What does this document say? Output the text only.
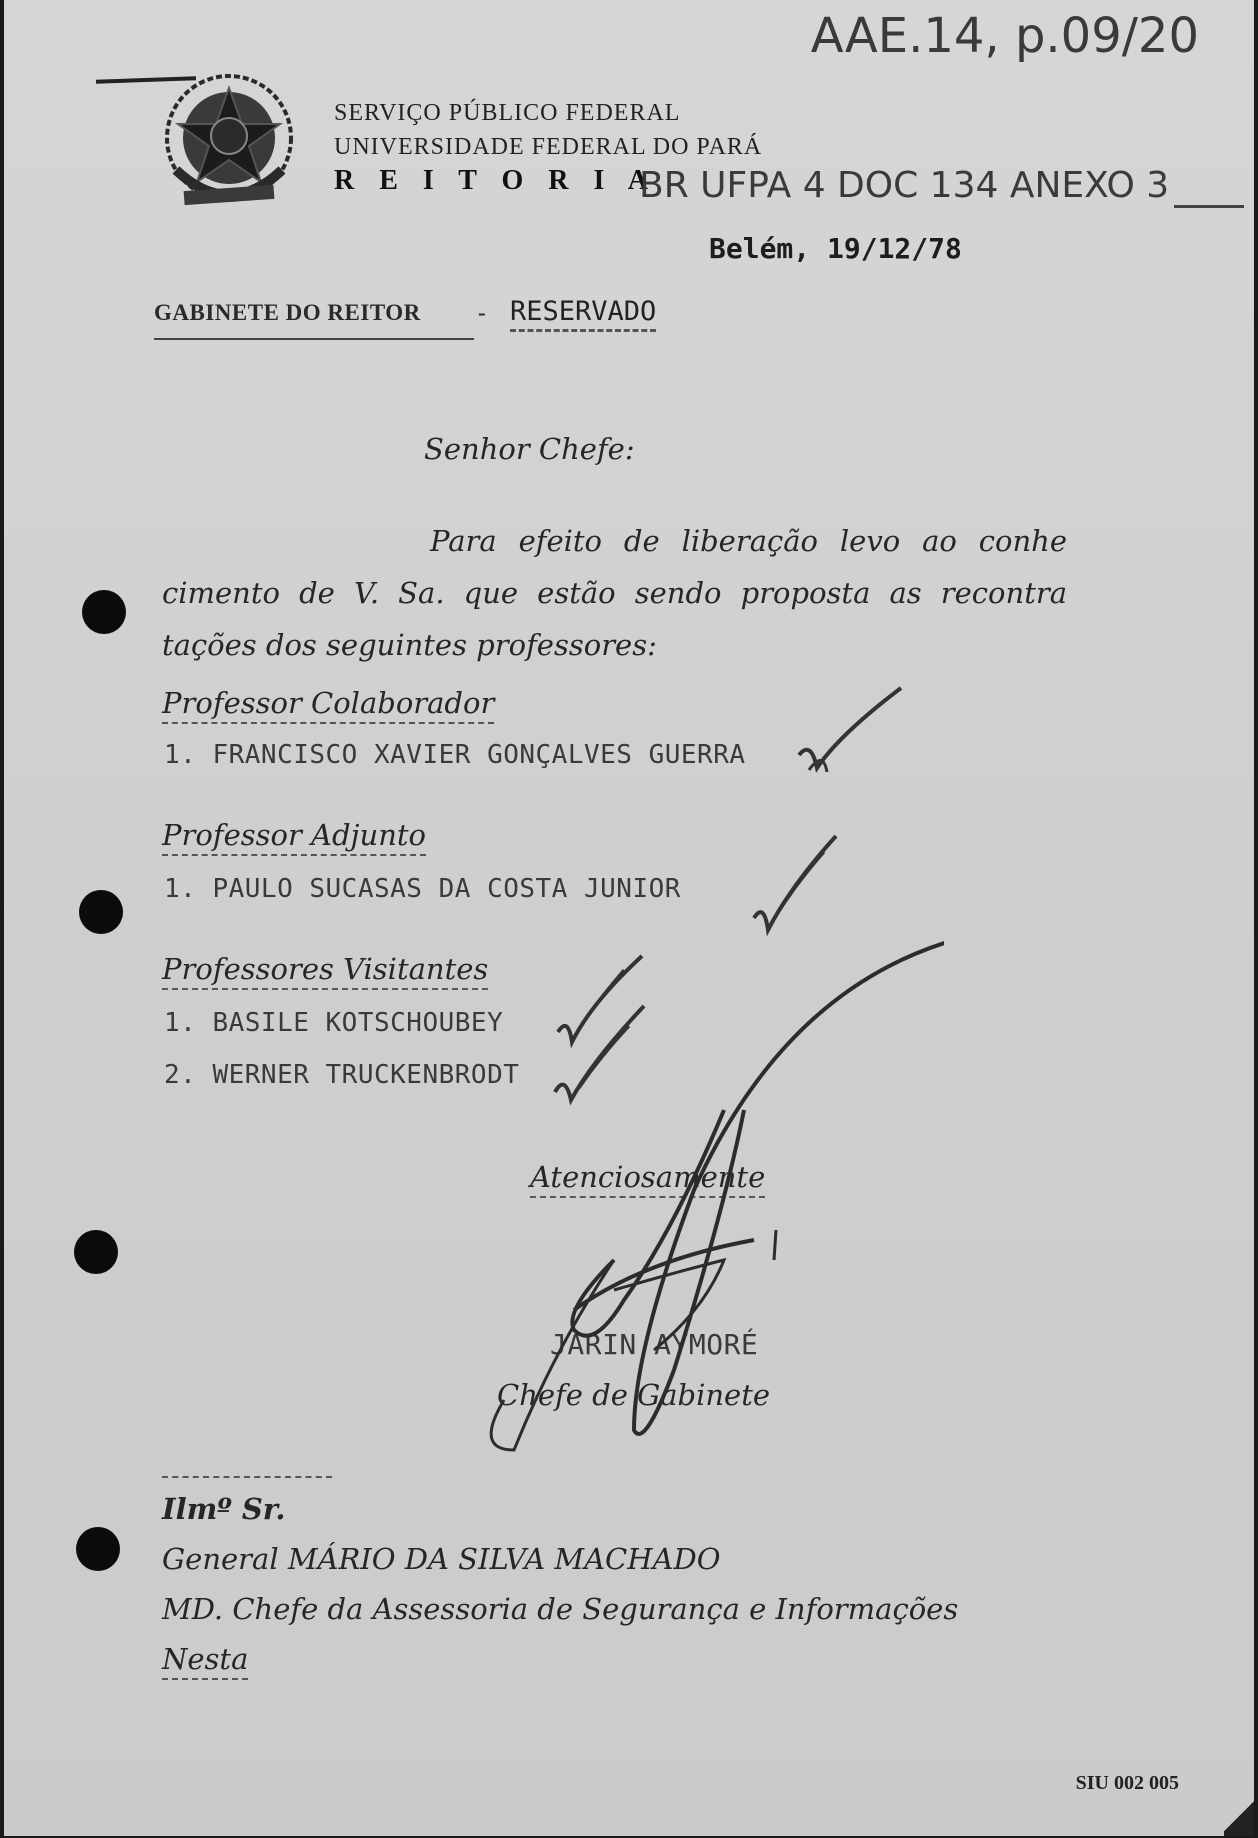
SERVIÇO PÚBLICO FEDERAL
UNIVERSIDADE FEDERAL DO PARÁ
R E I T O R I A
AAE.14, p.09/20
BR UFPA 4 DOC 134 ANEXO 3
Belém, 19/12/78
GABINETE DO REITOR - RESERVADO
Senhor Chefe:
Para efeito de liberação levo ao conhe cimento de V. Sa. que estão sendo proposta as recontra tações dos seguintes professores:
Professor Colaborador
1. FRANCISCO XAVIER GONÇALVES GUERRA
Professor Adjunto
1. PAULO SUCASAS DA COSTA JUNIOR
Professores Visitantes
1. BASILE KOTSCHOUBEY
2. WERNER TRUCKENBRODT
Atenciosamente
JARIN AYMORÉ
Chefe de Gabinete
Ilmº Sr.
General MÁRIO DA SILVA MACHADO
MD. Chefe da Assessoria de Segurança e Informações
Nesta
SIU 002 005
